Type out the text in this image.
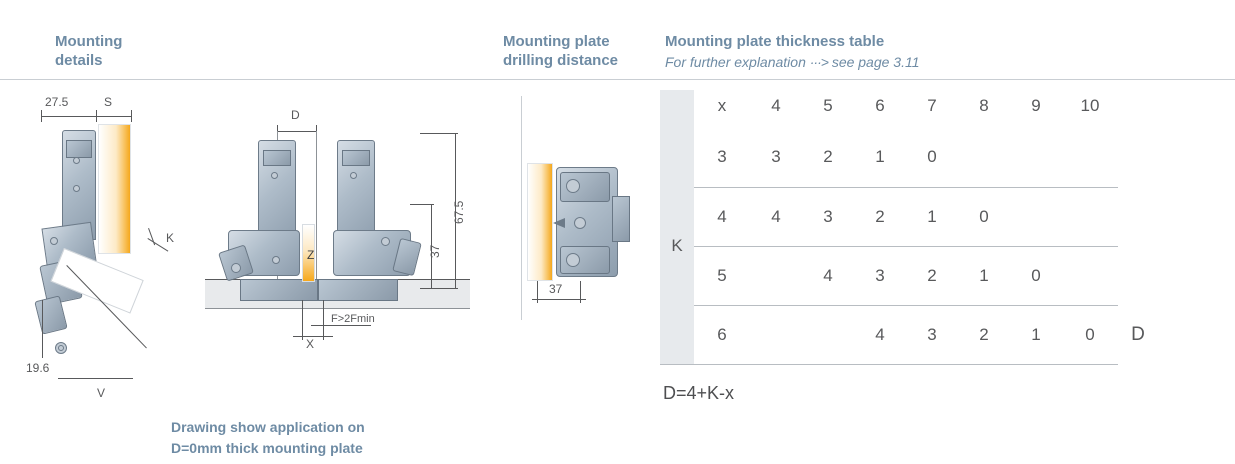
Mounting
details
Mounting plate
drilling distance
Mounting plate thickness table
For further explanation ···> see page 3.11
27.5	S
K
V
19.6
D
Z
67.5
37
F>2Fmin
X
37
Drawing show application on
D=0mm thick mounting plate
	x	4	5	6	7	8	9	10	
K	3	3	2	1	0				
	4	4	3	2	1	0			
	5		4	3	2	1	0		
	6			4	3	2	1	0	D
D=4+K-x
